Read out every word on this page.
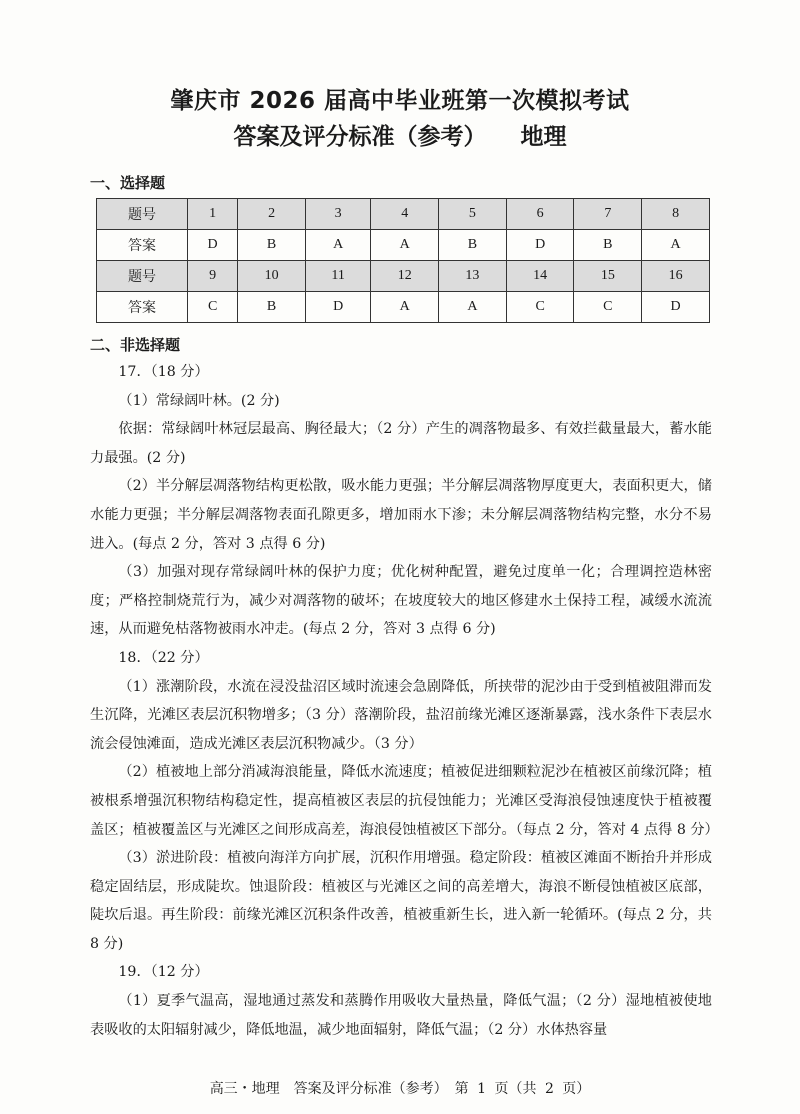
肇庆市 2026 届高中毕业班第一次模拟考试
答案及评分标准（参考） 地理
一、选择题
题号	1	2	3	4	5	6	7	8
答案	D	B	A	A	B	D	B	A
题号	9	10	11	12	13	14	15	16
答案	C	B	D	A	A	C	C	D
二、非选择题

17．（18 分）

（1）常绿阔叶林。(2 分)

依据：常绿阔叶林冠层最高、胸径最大；（2 分）产生的凋落物最多、有效拦截量最大，蓄水能力最强。(2 分)

（2）半分解层凋落物结构更松散，吸水能力更强；半分解层凋落物厚度更大，表面积更大，储水能力更强；半分解层凋落物表面孔隙更多，增加雨水下渗；未分解层凋落物结构完整，水分不易进入。(每点 2 分，答对 3 点得 6 分)

（3）加强对现存常绿阔叶林的保护力度；优化树种配置，避免过度单一化；合理调控造林密度；严格控制烧荒行为，减少对凋落物的破坏；在坡度较大的地区修建水土保持工程，减缓水流流速，从而避免枯落物被雨水冲走。(每点 2 分，答对 3 点得 6 分)

18．（22 分）

（1）涨潮阶段，水流在浸没盐沼区域时流速会急剧降低，所挟带的泥沙由于受到植被阻滞而发生沉降，光滩区表层沉积物增多；（3 分）落潮阶段，盐沼前缘光滩区逐渐暴露，浅水条件下表层水流会侵蚀滩面，造成光滩区表层沉积物减少。（3 分）

（2）植被地上部分消减海浪能量，降低水流速度；植被促进细颗粒泥沙在植被区前缘沉降；植被根系增强沉积物结构稳定性，提高植被区表层的抗侵蚀能力；光滩区受海浪侵蚀速度快于植被覆盖区；植被覆盖区与光滩区之间形成高差，海浪侵蚀植被区下部分。（每点 2 分，答对 4 点得 8 分）

（3）淤进阶段：植被向海洋方向扩展，沉积作用增强。稳定阶段：植被区滩面不断抬升并形成稳定固结层，形成陡坎。蚀退阶段：植被区与光滩区之间的高差增大，海浪不断侵蚀植被区底部，陡坎后退。再生阶段：前缘光滩区沉积条件改善，植被重新生长，进入新一轮循环。(每点 2 分，共 8 分)

19．（12 分）

（1）夏季气温高，湿地通过蒸发和蒸腾作用吸收大量热量，降低气温；（2 分）湿地植被使地表吸收的太阳辐射减少，降低地温，减少地面辐射，降低气温；（2 分）水体热容量

高三・地理　答案及评分标准（参考）　第 1 页（共 2 页）
